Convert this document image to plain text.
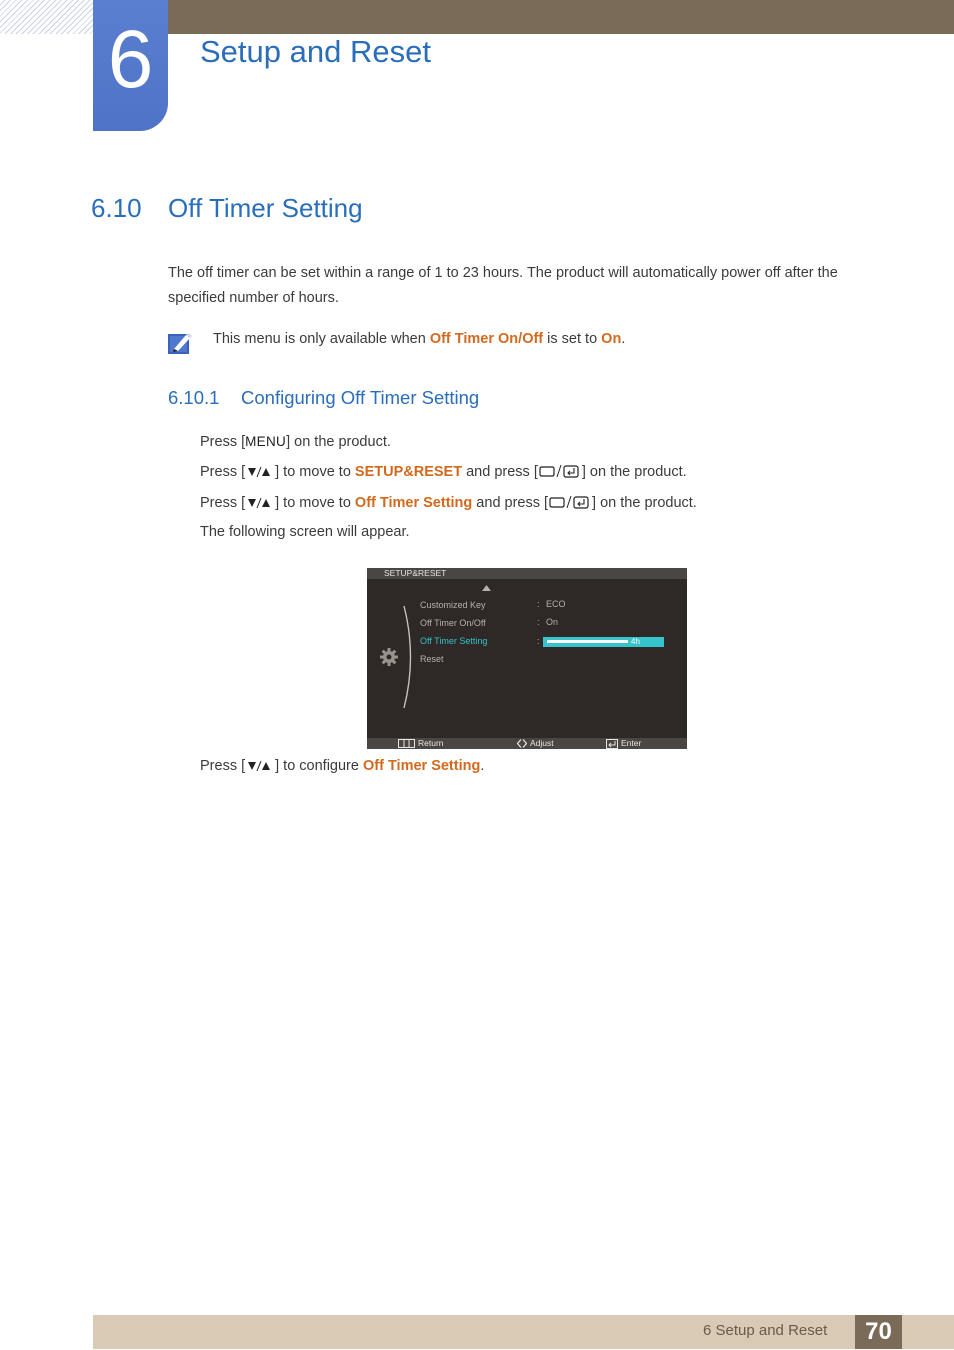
6	Setup and Reset
6.10 Off Timer Setting
The off timer can be set within a range of 1 to 23 hours. The product will automatically power off after the specified number of hours.
This menu is only available when Off Timer On/Off is set to On.
6.10.1 Configuring Off Timer Setting
Press [MENU] on the product.
Press [ ] to move to SETUP&RESET and press [	] on the product.
Press [ ] to move to Off Timer Setting and press [	] on the product.
The following screen will appear.
SETUP&RESET
Customized Key	: ECO
Off Timer On/Off	: On
Off Timer Setting	:	4h
Reset
Return	Adjust	Enter
Press [ ] to configure Off Timer Setting.
6 Setup and Reset	70
